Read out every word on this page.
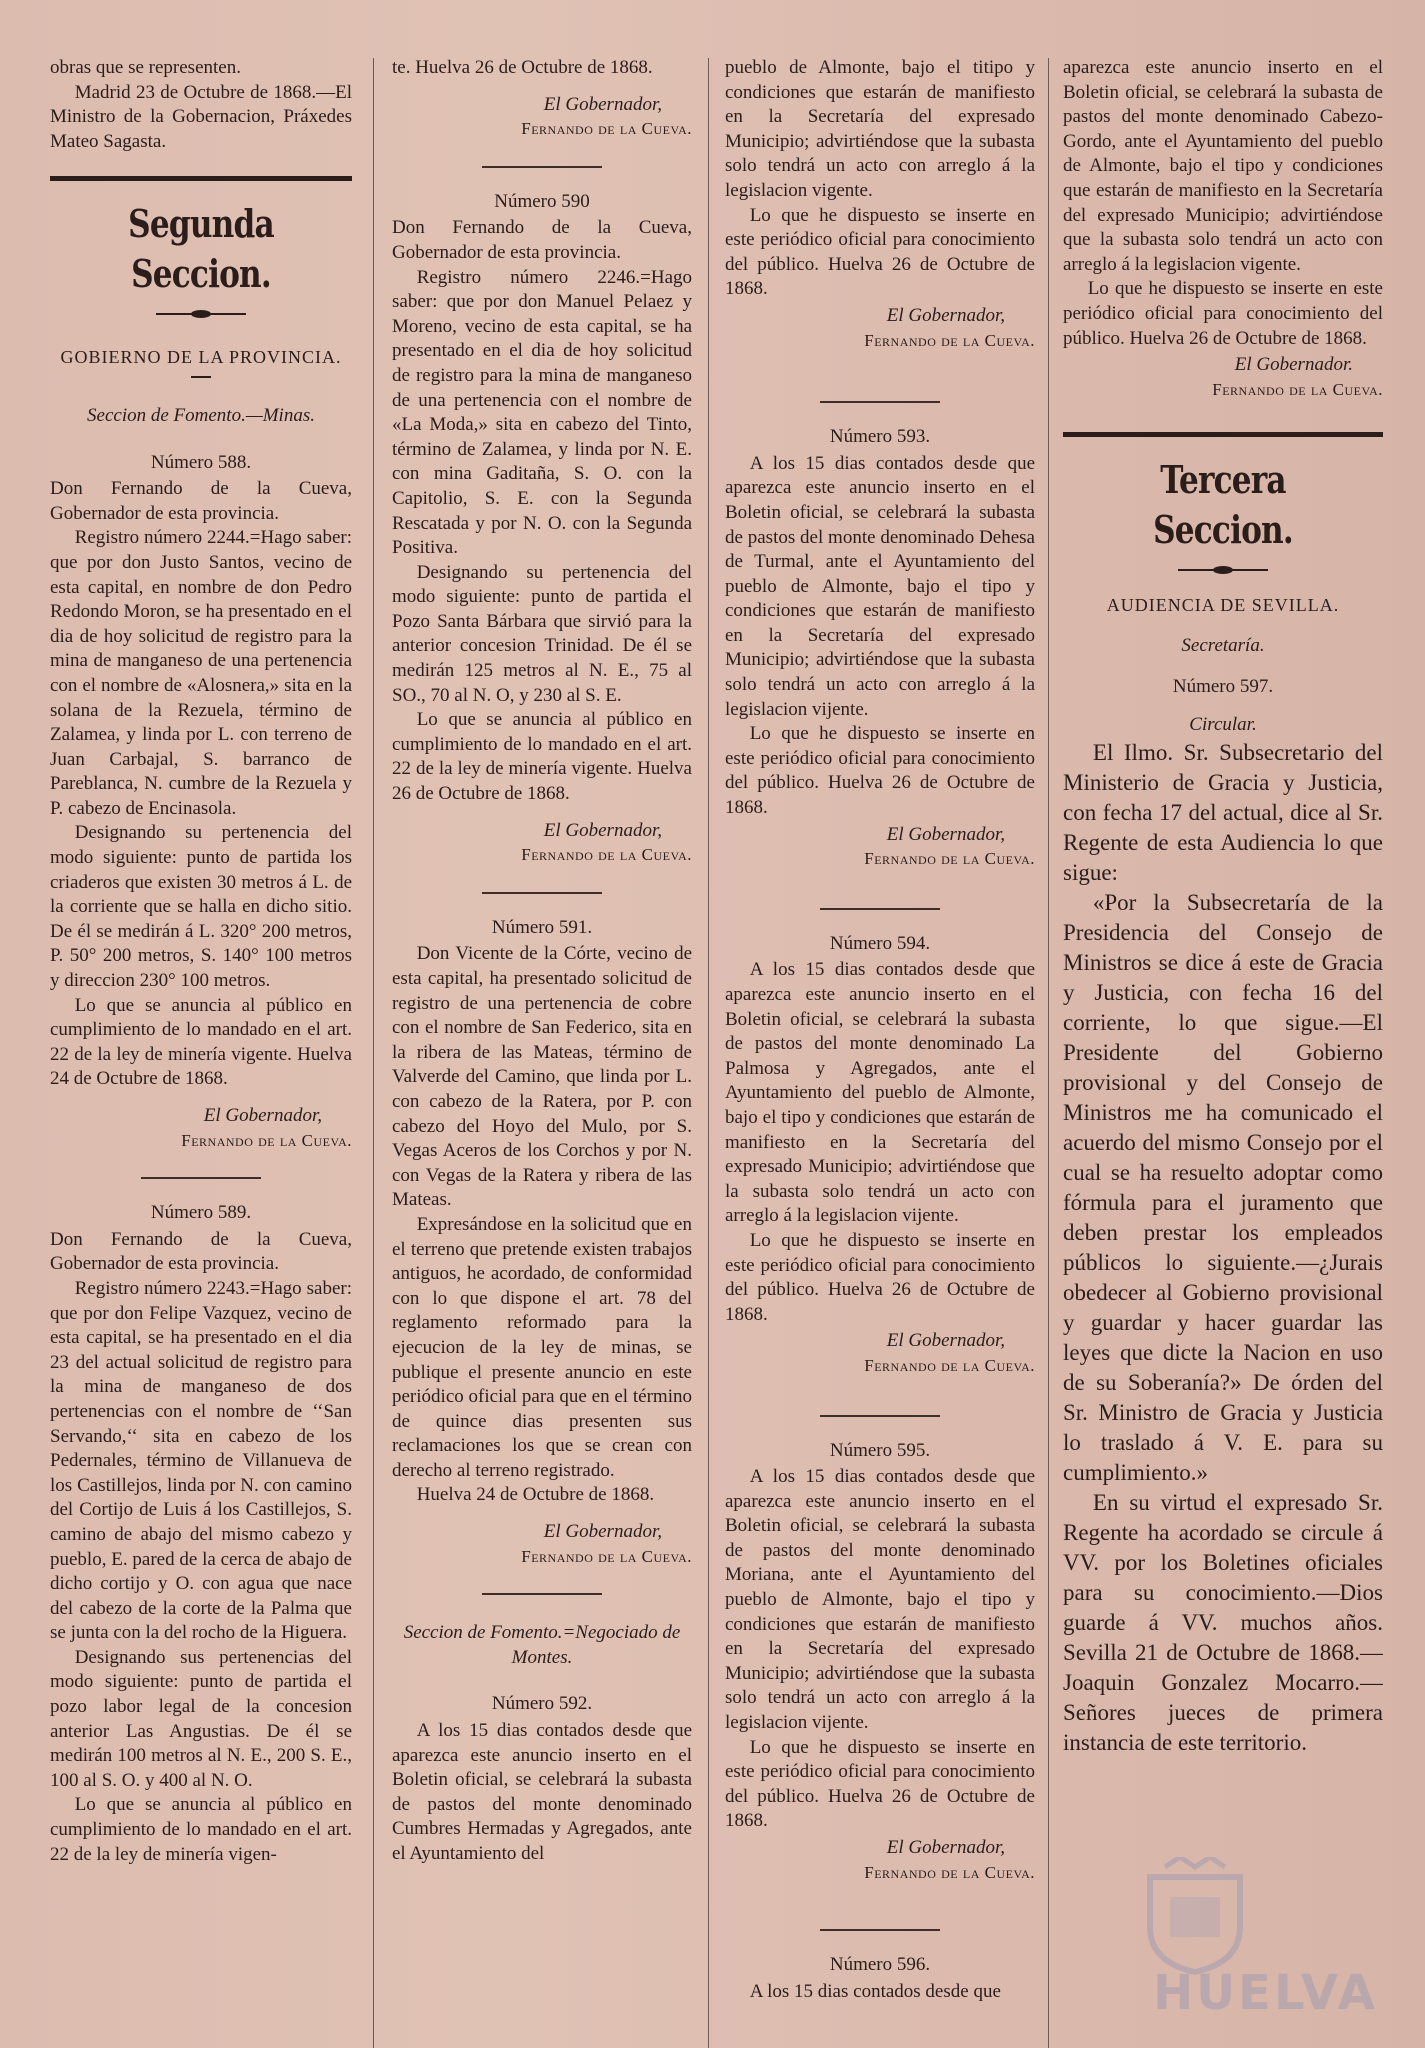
obras que se representen.

Madrid 23 de Octubre de 1868.—El Ministro de la Gobernacion, Práxedes Mateo Sagasta.

Segunda Seccion.
GOBIERNO DE LA PROVINCIA.
Seccion de Fomento.—Minas.
Número 588.

Don Fernando de la Cueva, Gobernador de esta provincia.

Registro número 2244.=Hago saber: que por don Justo Santos, vecino de esta capital, en nombre de don Pedro Redondo Moron, se ha presentado en el dia de hoy solicitud de registro para la mina de manganeso de una pertenencia con el nombre de «Alosnera,» sita en la solana de la Rezuela, término de Zalamea, y linda por L. con terreno de Juan Carbajal, S. barranco de Pareblanca, N. cumbre de la Rezuela y P. cabezo de Encinasola.

Designando su pertenencia del modo siguiente: punto de partida los criaderos que existen 30 metros á L. de la corriente que se halla en dicho sitio. De él se medirán á L. 320° 200 metros, P. 50° 200 metros, S. 140° 100 metros y direccion 230° 100 metros.

Lo que se anuncia al público en cumplimiento de lo mandado en el art. 22 de la ley de minería vigente. Huelva 24 de Octubre de 1868.

El Gobernador,

Fernando de la Cueva.

Número 589.

Don Fernando de la Cueva, Gobernador de esta provincia.

Registro número 2243.=Hago saber: que por don Felipe Vazquez, vecino de esta capital, se ha presentado en el dia 23 del actual solicitud de registro para la mina de manganeso de dos pertenencias con el nombre de ‘‘San Servando,‘‘ sita en cabezo de los Pedernales, término de Villanueva de los Castillejos, linda por N. con camino del Cortijo de Luis á los Castillejos, S. camino de abajo del mismo cabezo y pueblo, E. pared de la cerca de abajo de dicho cortijo y O. con agua que nace del cabezo de la corte de la Palma que se junta con la del rocho de la Higuera.

Designando sus pertenencias del modo siguiente: punto de partida el pozo labor legal de la concesion anterior Las Angustias. De él se medirán 100 metros al N. E., 200 S. E., 100 al S. O. y 400 al N. O.

Lo que se anuncia al público en cumplimiento de lo mandado en el art. 22 de la ley de minería vigen-

te. Huelva 26 de Octubre de 1868.

El Gobernador,

Fernando de la Cueva.

Número 590

Don Fernando de la Cueva, Gobernador de esta provincia.

Registro número 2246.=Hago saber: que por don Manuel Pelaez y Moreno, vecino de esta capital, se ha presentado en el dia de hoy solicitud de registro para la mina de manganeso de una pertenencia con el nombre de «La Moda,» sita en cabezo del Tinto, término de Zalamea, y linda por N. E. con mina Gaditaña, S. O. con la Capitolio, S. E. con la Segunda Rescatada y por N. O. con la Segunda Positiva.

Designando su pertenencia del modo siguiente: punto de partida el Pozo Santa Bárbara que sirvió para la anterior concesion Trinidad. De él se medirán 125 metros al N. E., 75 al SO., 70 al N. O, y 230 al S. E.

Lo que se anuncia al público en cumplimiento de lo mandado en el art. 22 de la ley de minería vigente. Huelva 26 de Octubre de 1868.

El Gobernador,

Fernando de la Cueva.

Número 591.

Don Vicente de la Córte, vecino de esta capital, ha presentado solicitud de registro de una pertenencia de cobre con el nombre de San Federico, sita en la ribera de las Mateas, término de Valverde del Camino, que linda por L. con cabezo de la Ratera, por P. con cabezo del Hoyo del Mulo, por S. Vegas Aceros de los Corchos y por N. con Vegas de la Ratera y ribera de las Mateas.

Expresándose en la solicitud que en el terreno que pretende existen trabajos antiguos, he acordado, de conformidad con lo que dispone el art. 78 del reglamento reformado para la ejecucion de la ley de minas, se publique el presente anuncio en este periódico oficial para que en el término de quince dias presenten sus reclamaciones los que se crean con derecho al terreno registrado.

Huelva 24 de Octubre de 1868.

El Gobernador,

Fernando de la Cueva.

Seccion de Fomento.=Negociado de Montes.
Número 592.

A los 15 dias contados desde que aparezca este anuncio inserto en el Boletin oficial, se celebrará la subasta de pastos del monte denominado Cumbres Hermadas y Agregados, ante el Ayuntamiento del

pueblo de Almonte, bajo el titipo y condiciones que estarán de manifiesto en la Secretaría del expresado Municipio; advirtiéndose que la subasta solo tendrá un acto con arreglo á la legislacion vigente.

Lo que he dispuesto se inserte en este periódico oficial para conocimiento del público. Huelva 26 de Octubre de 1868.

El Gobernador,

Fernando de la Cueva.

Número 593.

A los 15 dias contados desde que aparezca este anuncio inserto en el Boletin oficial, se celebrará la subasta de pastos del monte denominado Dehesa de Turmal, ante el Ayuntamiento del pueblo de Almonte, bajo el tipo y condiciones que estarán de manifiesto en la Secretaría del expresado Municipio; advirtiéndose que la subasta solo tendrá un acto con arreglo á la legislacion vijente.

Lo que he dispuesto se inserte en este periódico oficial para conocimiento del público. Huelva 26 de Octubre de 1868.

El Gobernador,

Fernando de la Cueva.

Número 594.

A los 15 dias contados desde que aparezca este anuncio inserto en el Boletin oficial, se celebrará la subasta de pastos del monte denominado La Palmosa y Agregados, ante el Ayuntamiento del pueblo de Almonte, bajo el tipo y condiciones que estarán de manifiesto en la Secretaría del expresado Municipio; advirtiéndose que la subasta solo tendrá un acto con arreglo á la legislacion vijente.

Lo que he dispuesto se inserte en este periódico oficial para conocimiento del público. Huelva 26 de Octubre de 1868.

El Gobernador,

Fernando de la Cueva.

Número 595.

A los 15 dias contados desde que aparezca este anuncio inserto en el Boletin oficial, se celebrará la subasta de pastos del monte denominado Moriana, ante el Ayuntamiento del pueblo de Almonte, bajo el tipo y condiciones que estarán de manifiesto en la Secretaría del expresado Municipio; advirtiéndose que la subasta solo tendrá un acto con arreglo á la legislacion vijente.

Lo que he dispuesto se inserte en este periódico oficial para conocimiento del público. Huelva 26 de Octubre de 1868.

El Gobernador,

Fernando de la Cueva.

Número 596.

A los 15 dias contados desde que

aparezca este anuncio inserto en el Boletin oficial, se celebrará la subasta de pastos del monte denominado Cabezo-Gordo, ante el Ayuntamiento del pueblo de Almonte, bajo el tipo y condiciones que estarán de manifiesto en la Secretaría del expresado Municipio; advirtiéndose que la subasta solo tendrá un acto con arreglo á la legislacion vigente.

Lo que he dispuesto se inserte en este periódico oficial para conocimiento del público. Huelva 26 de Octubre de 1868.

El Gobernador.

Fernando de la Cueva.

Tercera Seccion.
AUDIENCIA DE SEVILLA.
Secretaría.
Número 597.
Circular.

El Ilmo. Sr. Subsecretario del Ministerio de Gracia y Justicia, con fecha 17 del actual, dice al Sr. Regente de esta Audiencia lo que sigue:

«Por la Subsecretaría de la Presidencia del Consejo de Ministros se dice á este de Gracia y Justicia, con fecha 16 del corriente, lo que sigue.—El Presidente del Gobierno provisional y del Consejo de Ministros me ha comunicado el acuerdo del mismo Consejo por el cual se ha resuelto adoptar como fórmula para el juramento que deben prestar los empleados públicos lo siguiente.—¿Jurais obedecer al Gobierno provisional y guardar y hacer guardar las leyes que dicte la Nacion en uso de su Soberanía?» De órden del Sr. Ministro de Gracia y Justicia lo traslado á V. E. para su cumplimiento.»

En su virtud el expresado Sr. Regente ha acordado se circule á VV. por los Boletines oficiales para su conocimiento.—Dios guarde á VV. muchos años. Sevilla 21 de Octubre de 1868.—Joaquin Gonzalez Mocarro.—Señores jueces de primera instancia de este territorio.

HUELVA
